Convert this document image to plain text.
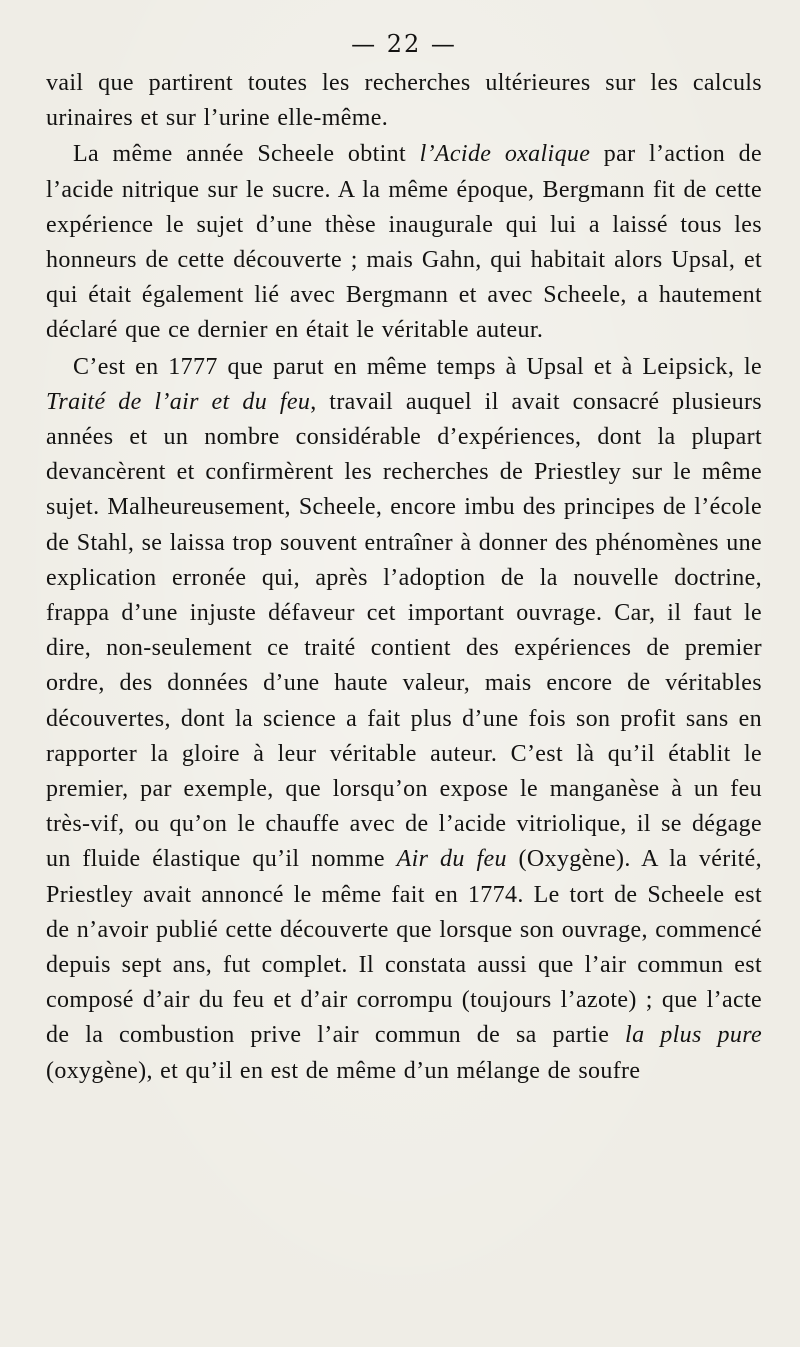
— 22 —

vail que partirent toutes les recherches ultérieures sur les calculs urinaires et sur l’urine elle-même.

La même année Scheele obtint l’Acide oxalique par l’action de l’acide nitrique sur le sucre. A la même époque, Bergmann fit de cette expérience le sujet d’une thèse inaugurale qui lui a laissé tous les honneurs de cette découverte ; mais Gahn, qui habitait alors Upsal, et qui était également lié avec Bergmann et avec Scheele, a hautement déclaré que ce dernier en était le véritable auteur.

C’est en 1777 que parut en même temps à Upsal et à Leipsick, le Traité de l’air et du feu, travail auquel il avait consacré plusieurs années et un nombre considérable d’expériences, dont la plupart devancèrent et confirmèrent les recherches de Priestley sur le même sujet. Malheureusement, Scheele, encore imbu des principes de l’école de Stahl, se laissa trop souvent entraîner à donner des phénomènes une explication erronée qui, après l’adoption de la nouvelle doctrine, frappa d’une injuste défaveur cet important ouvrage. Car, il faut le dire, non-seulement ce traité contient des expériences de premier ordre, des données d’une haute valeur, mais encore de véritables découvertes, dont la science a fait plus d’une fois son profit sans en rapporter la gloire à leur véritable auteur. C’est là qu’il établit le premier, par exemple, que lorsqu’on expose le manganèse à un feu très-vif, ou qu’on le chauffe avec de l’acide vitriolique, il se dégage un fluide élastique qu’il nomme Air du feu (Oxygène). A la vérité, Priestley avait annoncé le même fait en 1774. Le tort de Scheele est de n’avoir publié cette découverte que lorsque son ouvrage, commencé depuis sept ans, fut complet. Il constata aussi que l’air commun est composé d’air du feu et d’air corrompu (toujours l’azote) ; que l’acte de la combustion prive l’air commun de sa partie la plus pure (oxygène), et qu’il en est de même d’un mélange de soufre
